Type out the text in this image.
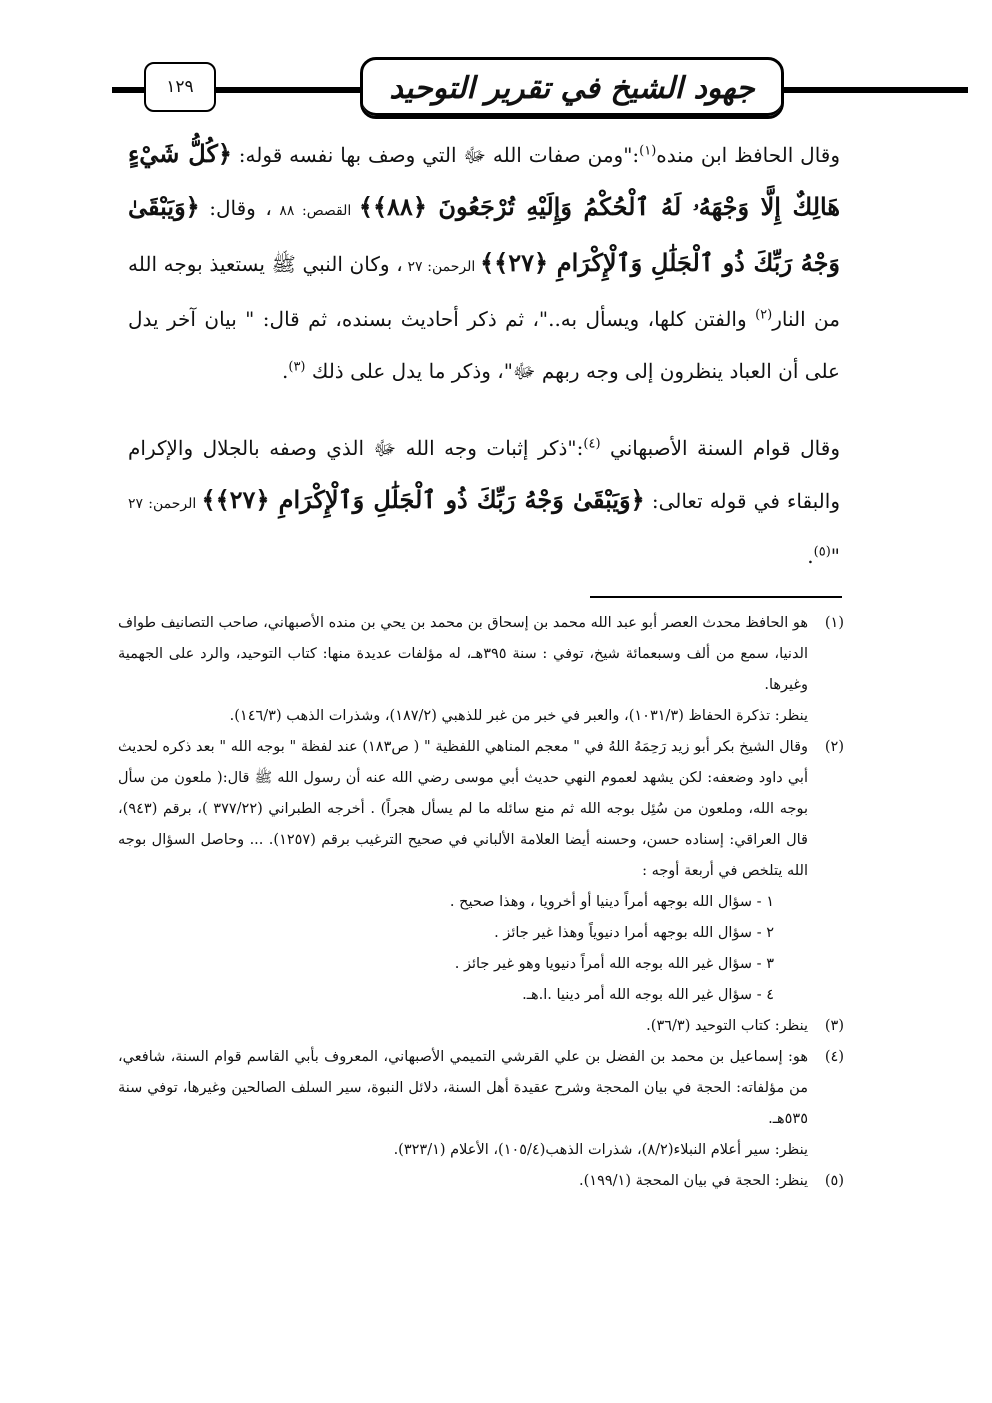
١٢٩	جهود الشيخ في تقرير التوحيد
وقال الحافظ ابن منده$^{(١)}$:"ومن صفات الله ﷻ التي وصف بها نفسه قوله: ﴿كُلُّ شَيْءٍ هَالِكٌ إِلَّا وَجْهَهُۥ لَهُ ٱلْحُكْمُ وَإِلَيْهِ تُرْجَعُونَ ﴿٨٨﴾﴾ القصص: ٨٨ ، وقال: ﴿وَيَبْقَىٰ وَجْهُ رَبِّكَ ذُو ٱلْجَلَٰلِ وَٱلْإِكْرَامِ ﴿٢٧﴾﴾ الرحمن: ٢٧ ، وكان النبي ﷺ يستعيذ بوجه الله من النار$^{(٢)}$ والفتن كلها، ويسأل به.."، ثم ذكر أحاديث بسنده، ثم قال: " بيان آخر يدل على أن العباد ينظرون إلى وجه ربهم ﷻ"، وذكر ما يدل على ذلك $^{(٣)}$.
وقال قوام السنة الأصبهاني $^{(٤)}$:"ذكر إثبات وجه الله ﷻ الذي وصفه بالجلال والإكرام والبقاء في قوله تعالى: ﴿وَيَبْقَىٰ وَجْهُ رَبِّكَ ذُو ٱلْجَلَٰلِ وَٱلْإِكْرَامِ ﴿٢٧﴾﴾ الرحمن: ٢٧ "$^{(٥)}$.
(١)
هو الحافظ محدث العصر أبو عبد الله محمد بن إسحاق بن محمد بن يحي بن منده الأصبهاني، صاحب التصانيف طواف الدنيا، سمع من ألف وسبعمائة شيخ، توفي : سنة ٣٩٥هـ، له مؤلفات عديدة منها: كتاب التوحيد، والرد على الجهمية وغيرها.

ينظر: تذكرة الحفاظ (١٠٣١/٣)، والعبر في خبر من غبر للذهبي (١٨٧/٢)، وشذرات الذهب (١٤٦/٣).

(٢)
وقال الشيخ بكر أبو زيد رَحِمَهُ اللهُ في " معجم المناهي اللفظية " ( ص١٨٣) عند لفظة " بوجه الله " بعد ذكره لحديث أبي داود وضعفه: لكن يشهد لعموم النهي حديث أبي موسى رضي الله عنه أن رسول الله ﷺ قال:( ملعون من سأل بوجه الله، وملعون من سُئِل بوجه الله ثم منع سائله ما لم يسأل هجراً) . أخرجه الطبراني (٣٧٧/٢٢ )، برقم (٩٤٣)، قال العراقي: إسناده حسن، وحسنه أيضا العلامة الألباني في صحيح الترغيب برقم (١٢٥٧). ... وحاصل السؤال بوجه الله يتلخص في أربعة أوجه :

١ - سؤال الله بوجهه أمراً دينيا أو أخرويا ، وهذا صحيح .

٢ - سؤال الله بوجهه أمرا دنيوياً وهذا غير جائز .

٣ - سؤال غير الله بوجه الله أمراً دنيويا وهو غير جائز .

٤ - سؤال غير الله بوجه الله أمر دينيا .ا.هـ.

(٣)
ينظر: كتاب التوحيد (٣٦/٣).
(٤)
هو: إسماعيل بن محمد بن الفضل بن علي القرشي التميمي الأصبهاني، المعروف بأبي القاسم قوام السنة، شافعي، من مؤلفاته: الحجة في بيان المحجة وشرح عقيدة أهل السنة، دلائل النبوة، سير السلف الصالحين وغيرها، توفي سنة ٥٣٥هـ.

ينظر: سير أعلام النبلاء(٨/٢)، شذرات الذهب(١٠٥/٤)، الأعلام (٣٢٣/١).

(٥)
ينظر: الحجة في بيان المحجة (١٩٩/١).
